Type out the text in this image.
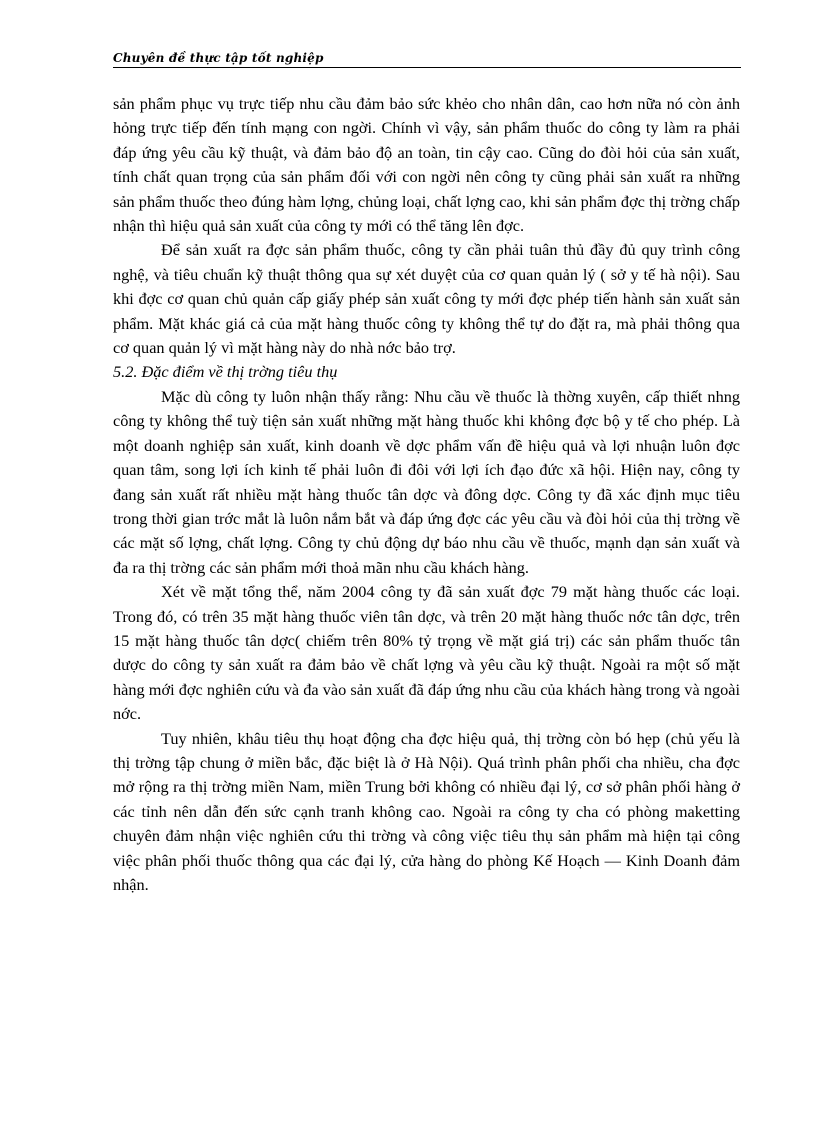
Chuyên đề thực tập tốt nghiệp

sản phẩm phục vụ trực tiếp nhu cầu đảm bảo sức khẻo cho nhân dân, cao hơn nữa nó còn ảnh hỏng trực tiếp đến tính mạng con ngời. Chính vì vậy, sản phẩm thuốc do công ty làm ra phải đáp ứng yêu cầu kỹ thuật, và đảm bảo độ an toàn, tin cậy cao. Cũng do đòi hỏi của sản xuất, tính chất quan trọng của sản phẩm đối với con ngời nên công ty cũng phải sản xuất ra những sản phẩm thuốc theo đúng hàm lợng, chủng loại, chất lợng cao, khi sản phẩm đợc thị trờng chấp nhận thì hiệu quả sản xuất của công ty mới có thể tăng lên đợc.

Để sản xuất ra đợc sản phẩm thuốc, công ty cần phải tuân thủ đầy đủ quy trình công nghệ, và tiêu chuẩn kỹ thuật thông qua sự xét duyệt của cơ quan quản lý ( sở y tế hà nội). Sau khi đợc cơ quan chủ quản cấp giấy phép sản xuất công ty mới đợc phép tiến hành sản xuất sản phẩm. Mặt khác giá cả của mặt hàng thuốc công ty không thể tự do đặt ra, mà phải thông qua cơ quan quản lý vì mặt hàng này do nhà nớc bảo trợ.

5.2. Đặc điểm về thị trờng tiêu thụ

Mặc dù công ty luôn nhận thấy rằng: Nhu cầu về thuốc là thờng xuyên, cấp thiết nhng công ty không thể tuỳ tiện sản xuất những mặt hàng thuốc khi không đợc bộ y tế cho phép. Là một doanh nghiệp sản xuất, kinh doanh về dợc phẩm vấn đề hiệu quả và lợi nhuận luôn đợc quan tâm, song lợi ích kinh tế phải luôn đi đôi với lợi ích đạo đức xã hội. Hiện nay, công ty đang sản xuất rất nhiều mặt hàng thuốc tân dợc và đông dợc. Công ty đã xác định mục tiêu trong thời gian trớc mắt là luôn nắm bắt và đáp ứng đợc các yêu cầu và đòi hỏi của thị trờng về các mặt số lợng, chất lợng. Công ty chủ động dự báo nhu cầu về thuốc, mạnh dạn sản xuất và đa ra thị trờng các sản phẩm mới thoả mãn nhu cầu khách hàng.

Xét về mặt tổng thể, năm 2004 công ty đã sản xuất đợc 79 mặt hàng thuốc các loại. Trong đó, có trên 35 mặt hàng thuốc viên tân dợc, và trên 20 mặt hàng thuốc nớc tân dợc, trên 15 mặt hàng thuốc tân dợc( chiếm trên 80% tỷ trọng về mặt giá trị) các sản phẩm thuốc tân dược do công ty sản xuất ra đảm bảo về chất lợng và yêu cầu kỹ thuật. Ngoài ra một số mặt hàng mới đợc nghiên cứu và đa vào sản xuất đã đáp ứng nhu cầu của khách hàng trong và ngoài nớc.

Tuy nhiên, khâu tiêu thụ hoạt động cha đợc hiệu quả, thị trờng còn bó hẹp (chủ yếu là thị trờng tập chung ở miền bắc, đặc biệt là ở Hà Nội). Quá trình phân phối cha nhiều, cha đợc mở rộng ra thị trờng miền Nam, miền Trung bởi không có nhiều đại lý, cơ sở phân phối hàng ở các tỉnh nên dẫn đến sức cạnh tranh không cao. Ngoài ra công ty cha có phòng maketting chuyên đảm nhận việc nghiên cứu thi trờng và công việc tiêu thụ sản phẩm mà hiện tại công việc phân phối thuốc thông qua các đại lý, cửa hàng do phòng Kế Hoạch — Kinh Doanh đảm nhận.
